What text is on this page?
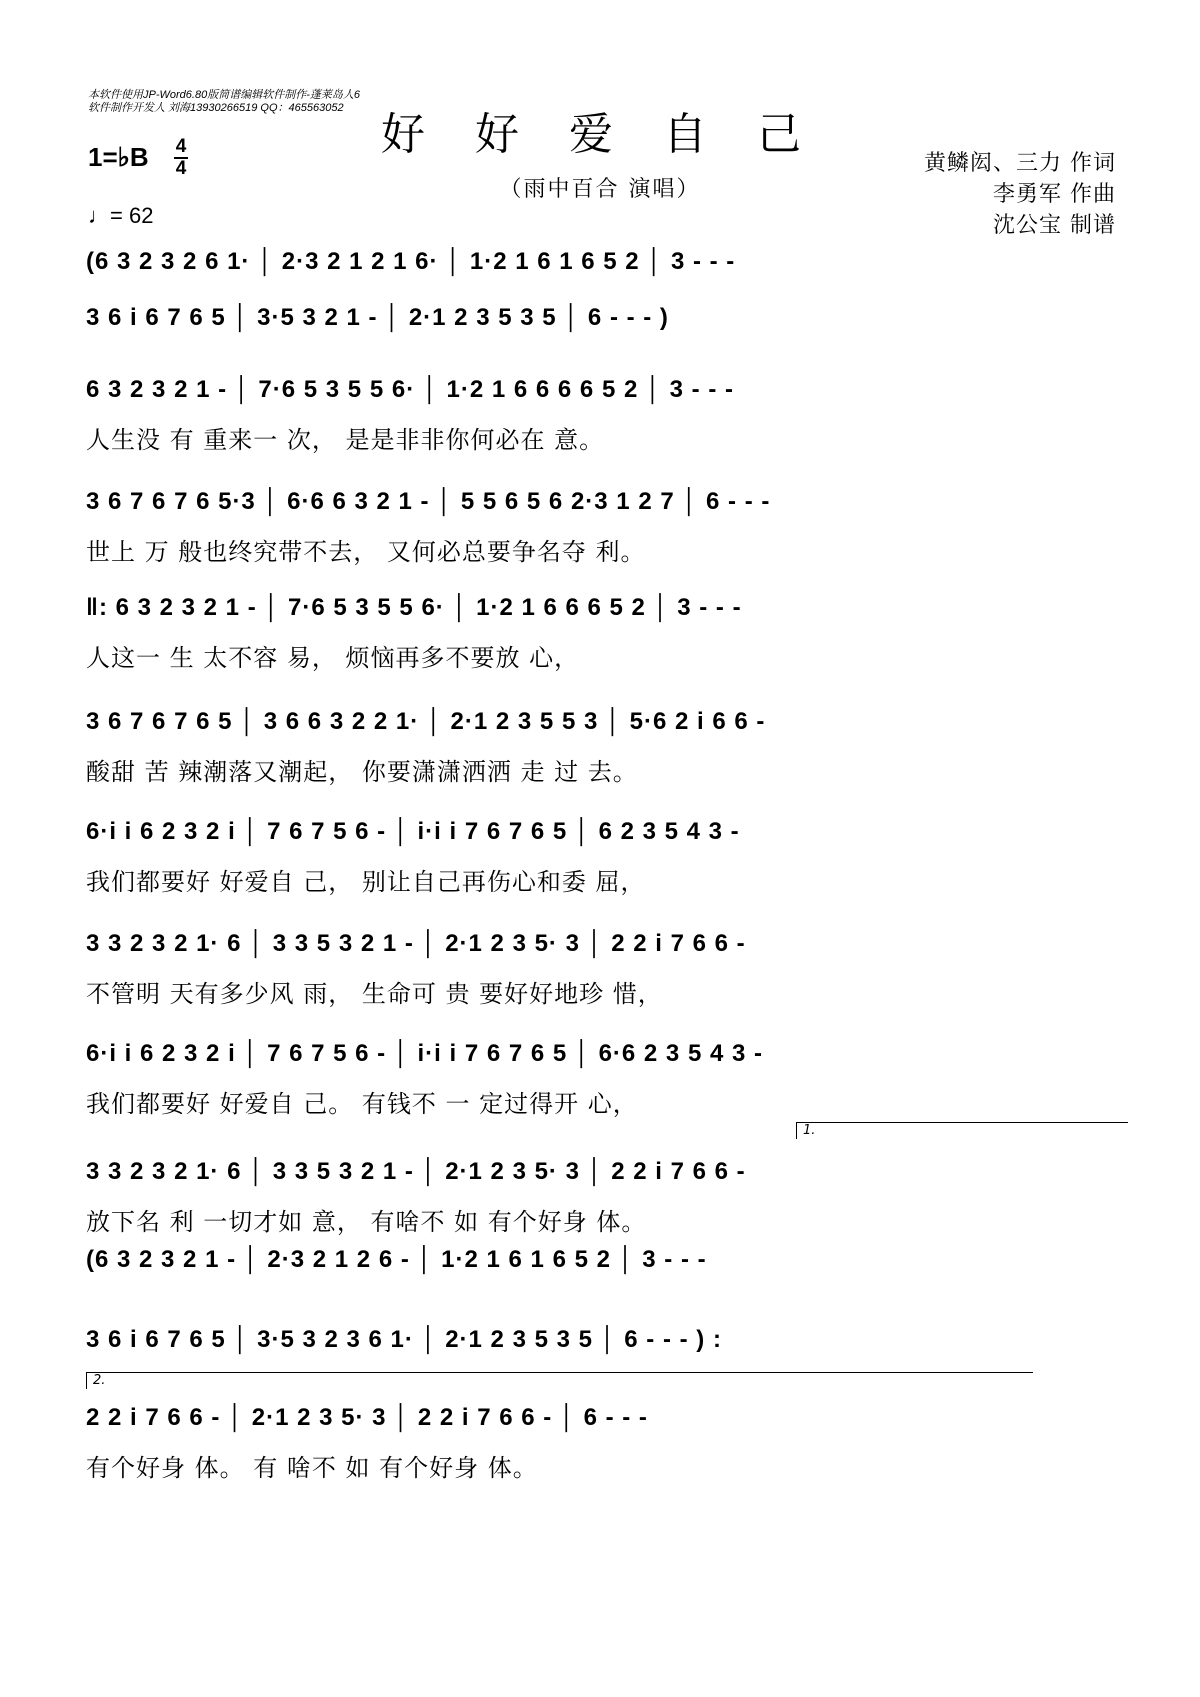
本软件使用JP-Word6.80版简谱编辑软件制作-蓬莱岛人6
软件制作开发人 刘海13930266519 QQ：465563052
好 好 爱 自 己
（雨中百合 演唱）
1=♭B 4
4
♩= 62
黄鳞闳、三力 作词
李勇军 作曲
沈公宝 制谱
(6 3 2 3 2 6 1· │ 2·3 2 1 2 1 6· │ 1·2 1 6 1 6 5 2 │ 3 - - -
3 6 i 6 7 6 5 │ 3·5 3 2 1 - │ 2·1 2 3 5 3 5 │ 6 - - - )
6 3 2 3 2 1 - │ 7·6 5 3 5 5 6· │ 1·2 1 6 6 6 6 5 2 │ 3 - - -
人生没 有 重来一 次， 是是非非你何必在 意。
3 6 7 6 7 6 5·3 │ 6·6 6 3 2 1 - │ 5 5 6 5 6 2·3 1 2 7 │ 6 - - -
世上 万 般也终究带不去， 又何必总要争名夺 利。
‖: 6 3 2 3 2 1 - │ 7·6 5 3 5 5 6· │ 1·2 1 6 6 6 5 2 │ 3 - - -
人这一 生 太不容 易， 烦恼再多不要放 心，
3 6 7 6 7 6 5 │ 3 6 6 3 2 2 1· │ 2·1 2 3 5 5 3 │ 5·6 2 i 6 6 -
酸甜 苦 辣潮落又潮起， 你要潇潇洒洒 走 过 去。
6·i i 6 2 3 2 i │ 7 6 7 5 6 - │ i·i i 7 6 7 6 5 │ 6 2 3 5 4 3 -
我们都要好 好爱自 己， 别让自己再伤心和委 屈，
3 3 2 3 2 1· 6 │ 3 3 5 3 2 1 - │ 2·1 2 3 5· 3 │ 2 2 i 7 6 6 -
不管明 天有多少风 雨， 生命可 贵 要好好地珍 惜，
6·i i 6 2 3 2 i │ 7 6 7 5 6 - │ i·i i 7 6 7 6 5 │ 6·6 2 3 5 4 3 -
我们都要好 好爱自 己。 有钱不 一 定过得开 心，
3 3 2 3 2 1· 6 │ 3 3 5 3 2 1 - │ 2·1 2 3 5· 3 │ 2 2 i 7 6 6 -
放下名 利 一切才如 意， 有啥不 如 有个好身 体。
1.
(6 3 2 3 2 1 - │ 2·3 2 1 2 6 - │ 1·2 1 6 1 6 5 2 │ 3 - - -
3 6 i 6 7 6 5 │ 3·5 3 2 3 6 1· │ 2·1 2 3 5 3 5 │ 6 - - - ) :
2 2 i 7 6 6 - │ 2·1 2 3 5· 3 │ 2 2 i 7 6 6 - │ 6 - - -
有个好身 体。 有 啥不 如 有个好身 体。
2.
